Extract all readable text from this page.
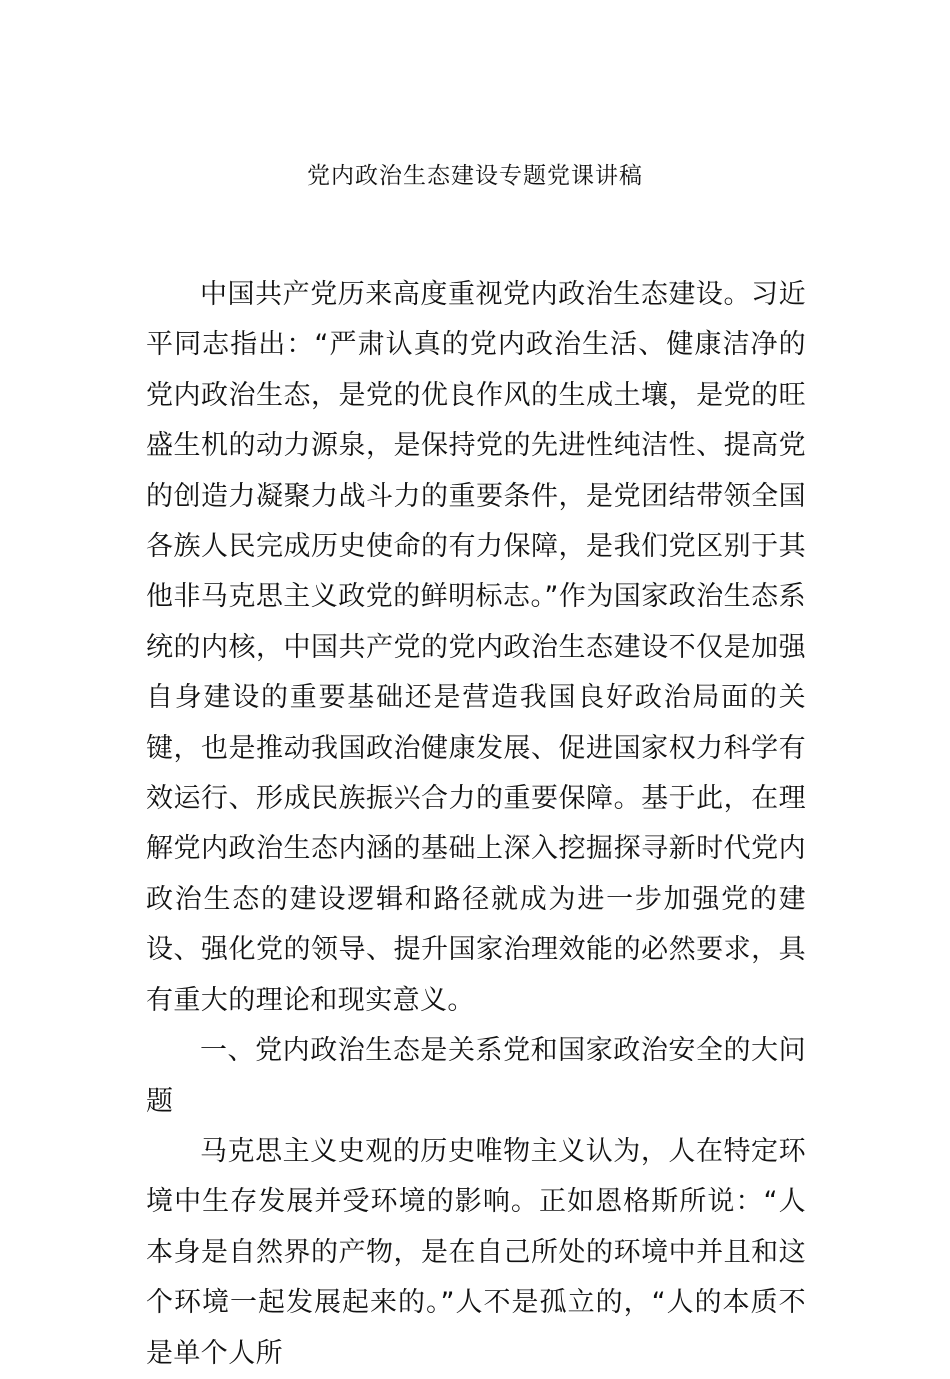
党内政治生态建设专题党课讲稿

中国共产党历来高度重视党内政治生态建设。习近平同志指出：“严肃认真的党内政治生活、健康洁净的党内政治生态，是党的优良作风的生成土壤，是党的旺盛生机的动力源泉，是保持党的先进性纯洁性、提高党的创造力凝聚力战斗力的重要条件，是党团结带领全国各族人民完成历史使命的有力保障，是我们党区别于其他非马克思主义政党的鲜明标志。”作为国家政治生态系统的内核，中国共产党的党内政治生态建设不仅是加强自身建设的重要基础还是营造我国良好政治局面的关键，也是推动我国政治健康发展、促进国家权力科学有效运行、形成民族振兴合力的重要保障。基于此，在理解党内政治生态内涵的基础上深入挖掘探寻新时代党内政治生态的建设逻辑和路径就成为进一步加强党的建设、强化党的领导、提升国家治理效能的必然要求，具有重大的理论和现实意义。

一、党内政治生态是关系党和国家政治安全的大问题

马克思主义史观的历史唯物主义认为，人在特定环境中生存发展并受环境的影响。正如恩格斯所说：“人本身是自然界的产物，是在自己所处的环境中并且和这个环境一起发展起来的。”人不是孤立的，“人的本质不是单个人所
